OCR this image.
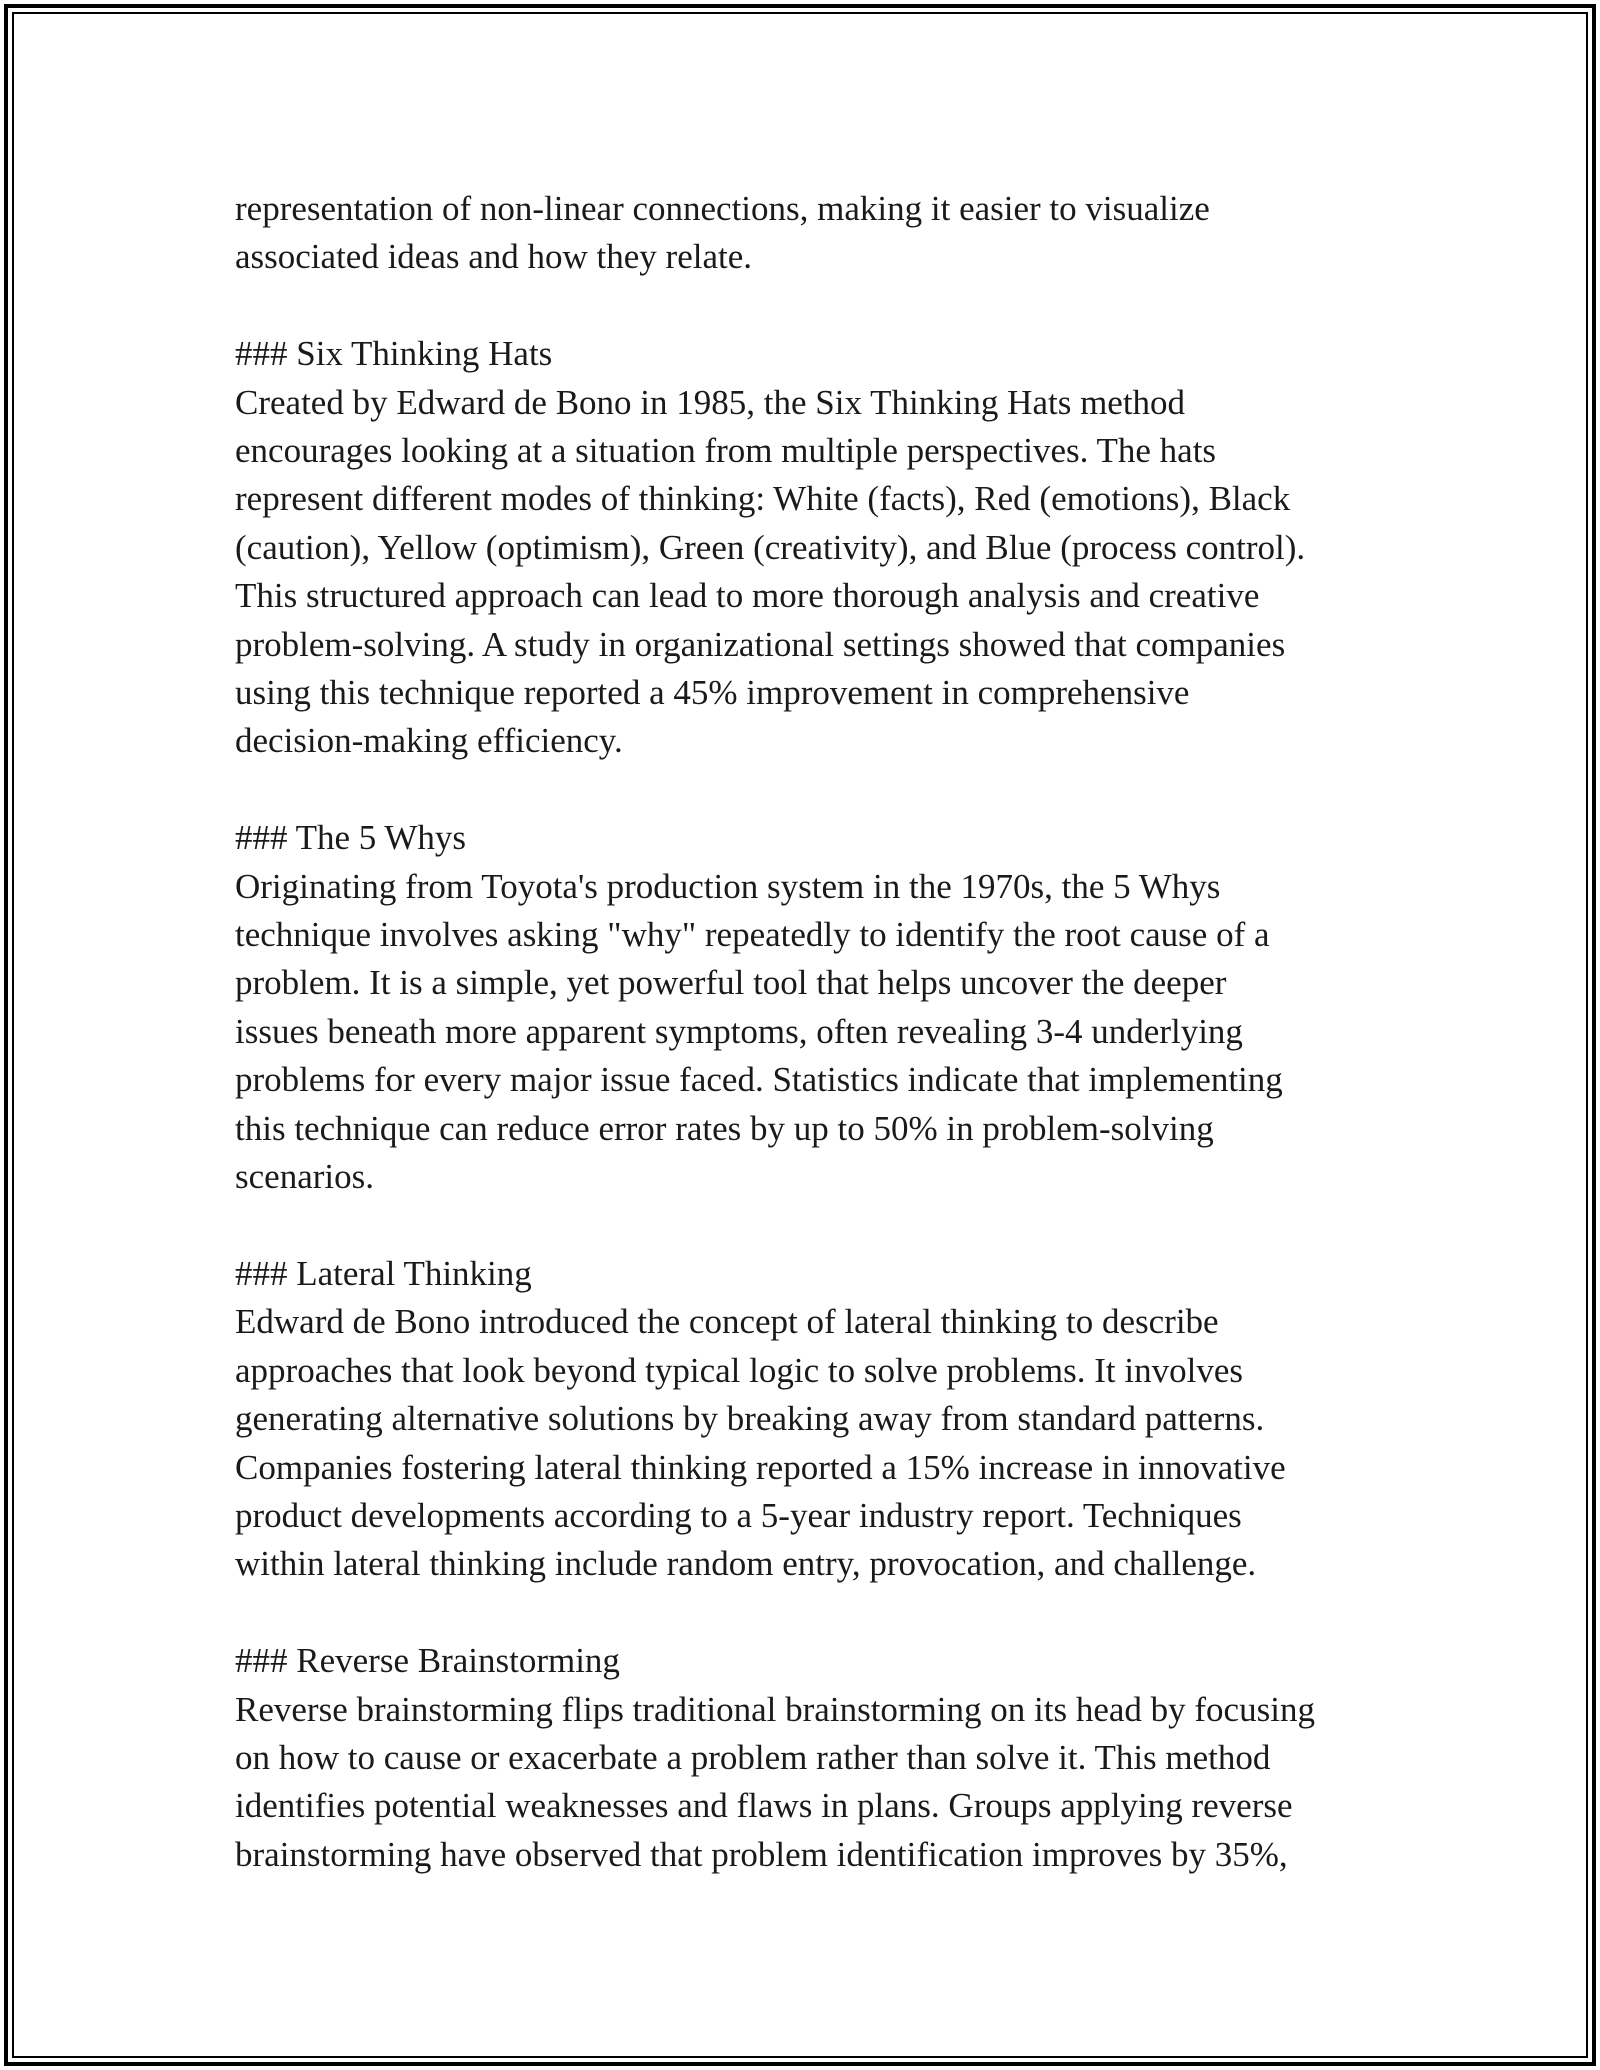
representation of non-linear connections, making it easier to visualize
associated ideas and how they relate.
### Six Thinking Hats
Created by Edward de Bono in 1985, the Six Thinking Hats method
encourages looking at a situation from multiple perspectives. The hats
represent different modes of thinking: White (facts), Red (emotions), Black
(caution), Yellow (optimism), Green (creativity), and Blue (process control).
This structured approach can lead to more thorough analysis and creative
problem-solving. A study in organizational settings showed that companies
using this technique reported a 45% improvement in comprehensive
decision-making efficiency.
### The 5 Whys
Originating from Toyota's production system in the 1970s, the 5 Whys
technique involves asking "why" repeatedly to identify the root cause of a
problem. It is a simple, yet powerful tool that helps uncover the deeper
issues beneath more apparent symptoms, often revealing 3-4 underlying
problems for every major issue faced. Statistics indicate that implementing
this technique can reduce error rates by up to 50% in problem-solving
scenarios.
### Lateral Thinking
Edward de Bono introduced the concept of lateral thinking to describe
approaches that look beyond typical logic to solve problems. It involves
generating alternative solutions by breaking away from standard patterns.
Companies fostering lateral thinking reported a 15% increase in innovative
product developments according to a 5-year industry report. Techniques
within lateral thinking include random entry, provocation, and challenge.
### Reverse Brainstorming
Reverse brainstorming flips traditional brainstorming on its head by focusing
on how to cause or exacerbate a problem rather than solve it. This method
identifies potential weaknesses and flaws in plans. Groups applying reverse
brainstorming have observed that problem identification improves by 35%,
